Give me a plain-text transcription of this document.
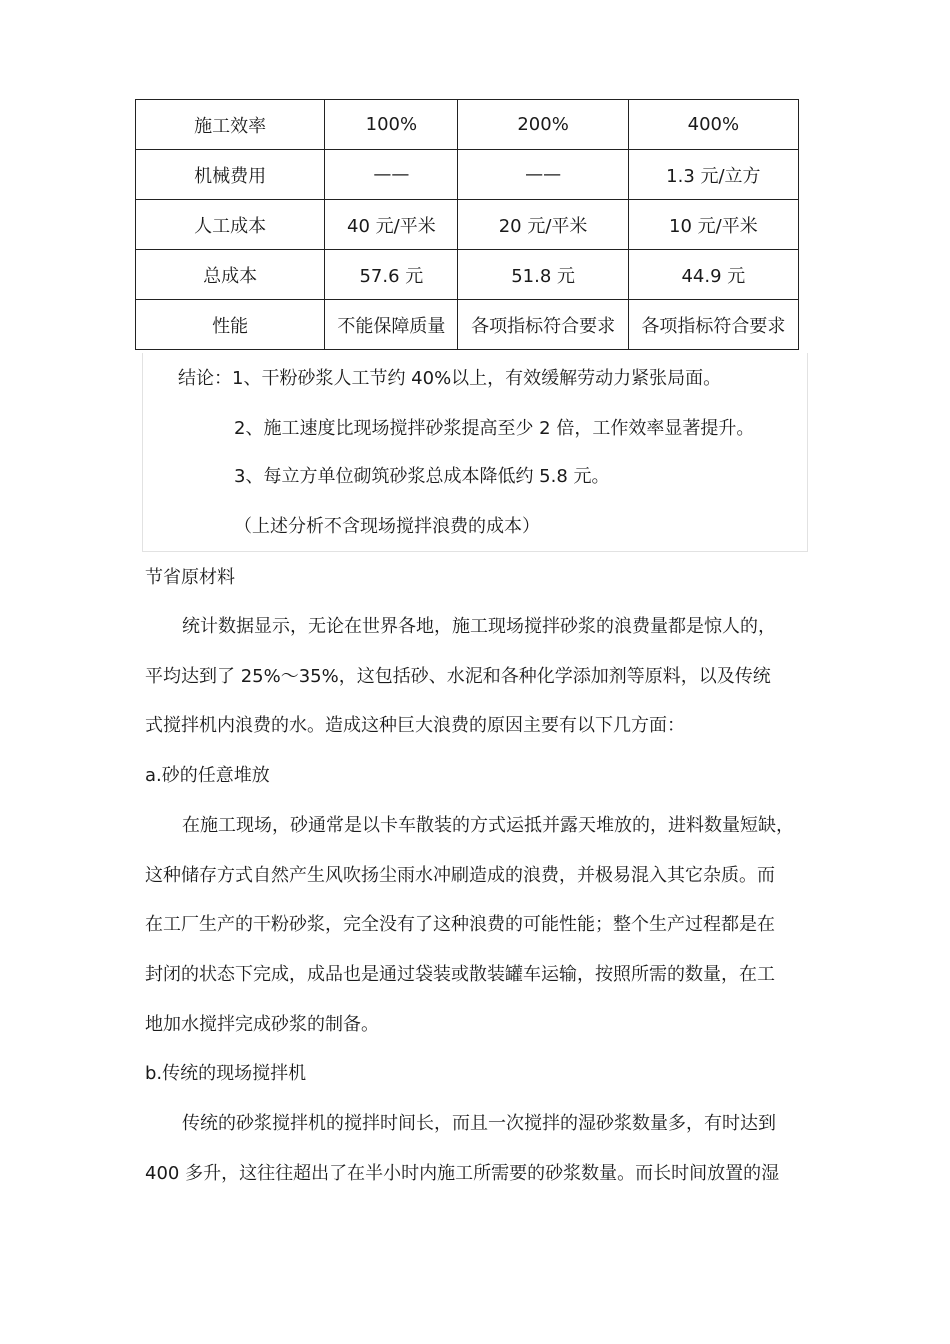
施工效率	100%	200%	400%
机械费用	——	——	1.3 元/立方
人工成本	40 元/平米	20 元/平米	10 元/平米
总成本	57.6 元	51.8 元	44.9 元
性能	不能保障质量	各项指标符合要求	各项指标符合要求
结论：1、干粉砂浆人工节约 40%以上，有效缓解劳动力紧张局面。
2、施工速度比现场搅拌砂浆提高至少 2 倍，工作效率显著提升。
3、每立方单位砌筑砂浆总成本降低约 5.8 元。
（上述分析不含现场搅拌浪费的成本）
节省原材料
统计数据显示，无论在世界各地，施工现场搅拌砂浆的浪费量都是惊人的，
平均达到了 25%～35%，这包括砂、水泥和各种化学添加剂等原料，以及传统
式搅拌机内浪费的水。造成这种巨大浪费的原因主要有以下几方面：
a.砂的任意堆放
在施工现场，砂通常是以卡车散装的方式运抵并露天堆放的，进料数量短缺，
这种储存方式自然产生风吹扬尘雨水冲刷造成的浪费，并极易混入其它杂质。而
在工厂生产的干粉砂浆，完全没有了这种浪费的可能性能；整个生产过程都是在
封闭的状态下完成，成品也是通过袋装或散装罐车运输，按照所需的数量，在工
地加水搅拌完成砂浆的制备。
b.传统的现场搅拌机
传统的砂浆搅拌机的搅拌时间长，而且一次搅拌的湿砂浆数量多，有时达到
400 多升，这往往超出了在半小时内施工所需要的砂浆数量。而长时间放置的湿
